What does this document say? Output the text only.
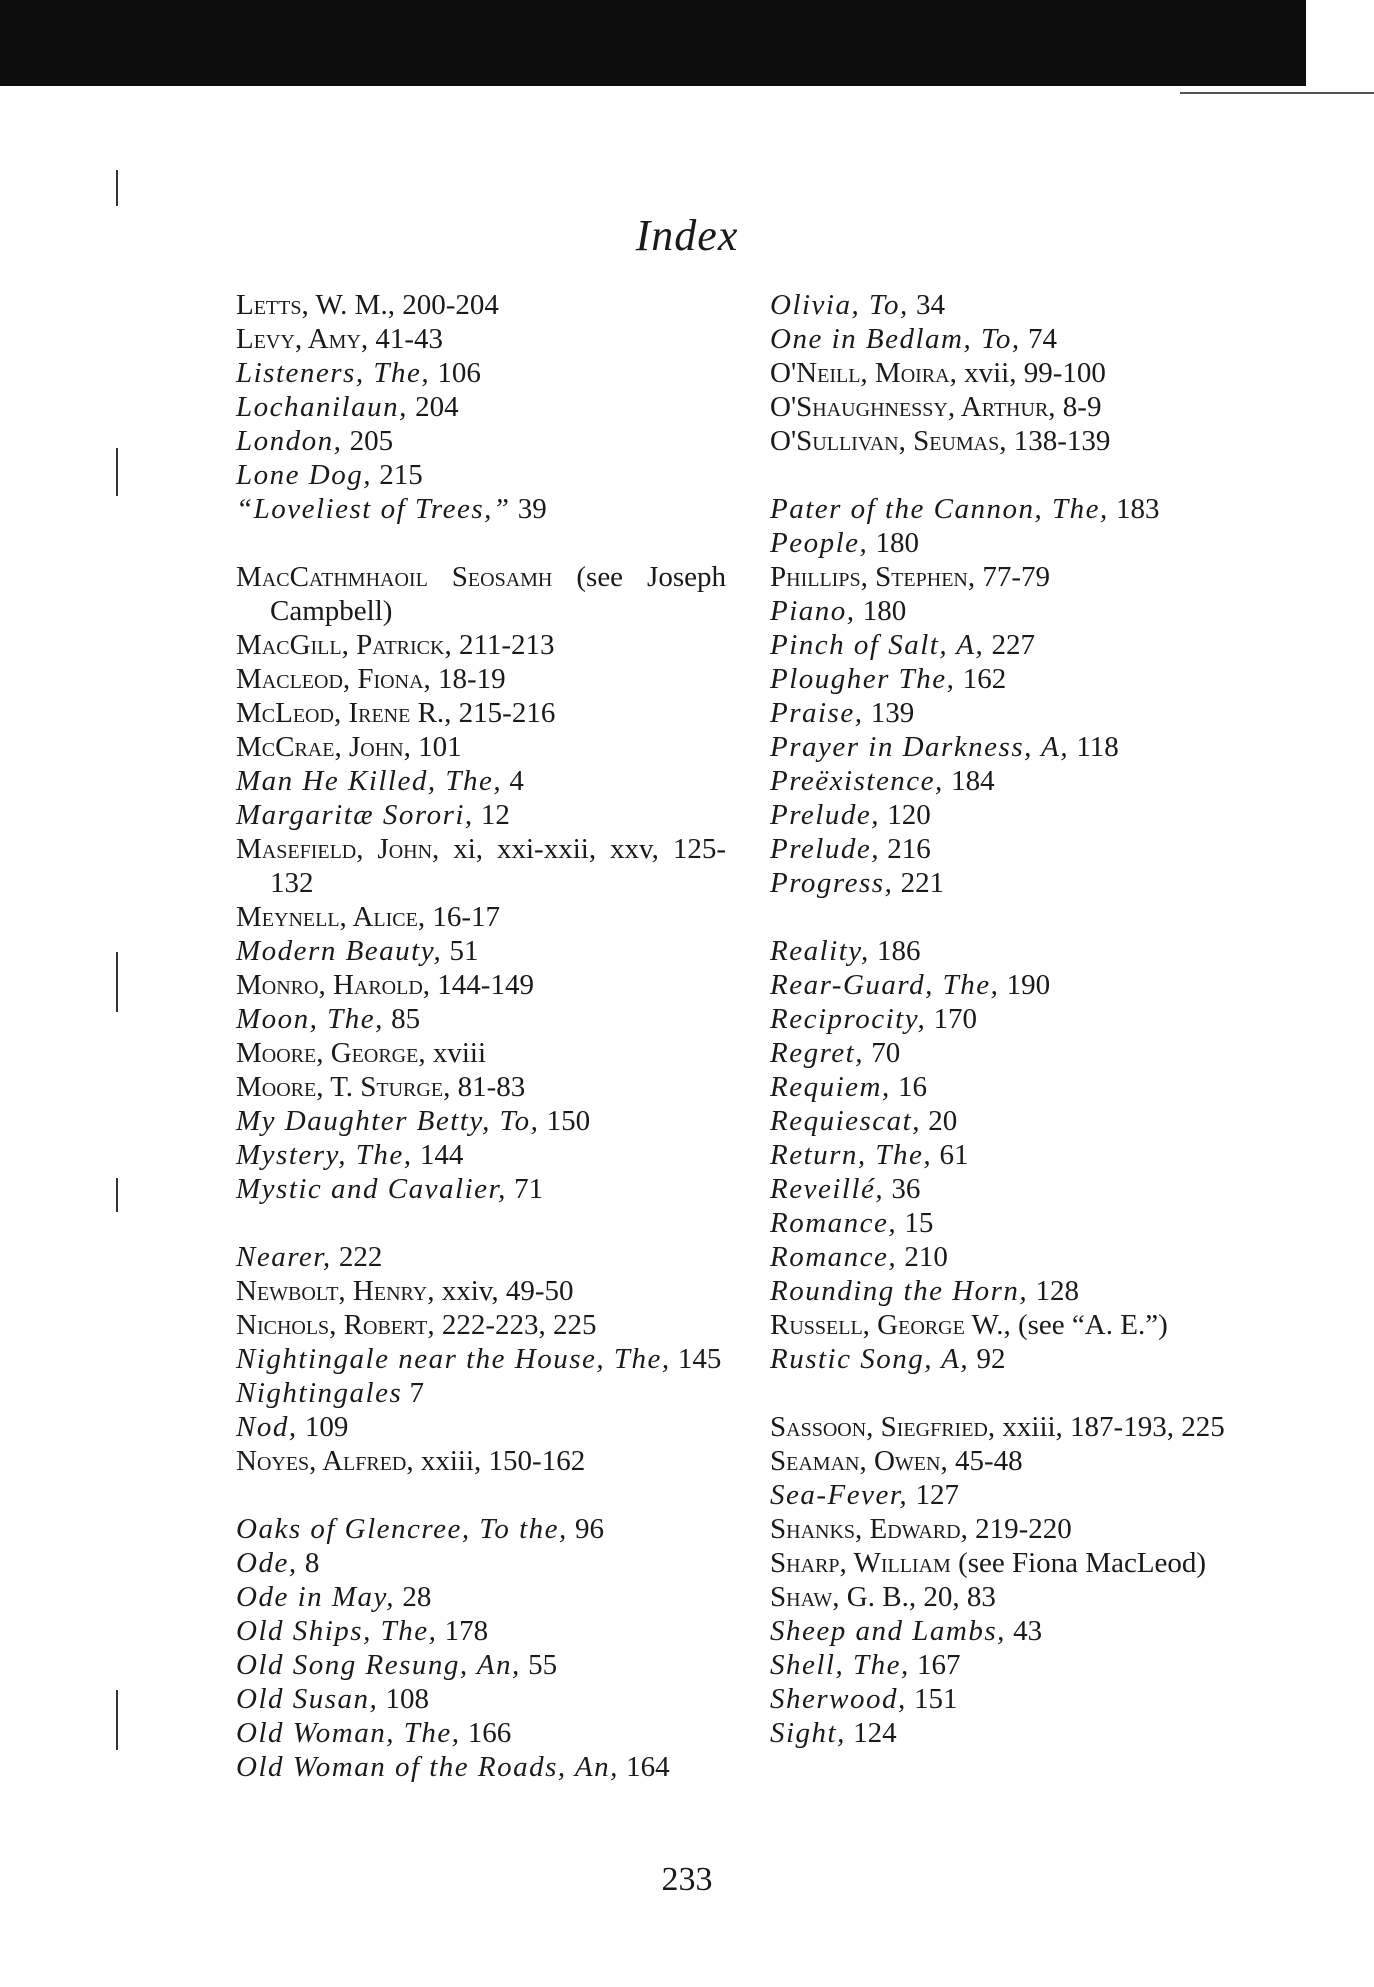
Index
Letts, W. M., 200-204
Levy, Amy, 41-43
Listeners, The, 106
Lochanilaun, 204
London, 205
Lone Dog, 215
“Loveliest of Trees,” 39
MacCathmhaoil Seosamh (see Joseph Campbell)
MacGill, Patrick, 211-213
Macleod, Fiona, 18-19
McLeod, Irene R., 215-216
McCrae, John, 101
Man He Killed, The, 4
Margaritæ Sorori, 12
Masefield, John, xi, xxi-xxii, xxv, 125-132
Meynell, Alice, 16-17
Modern Beauty, 51
Monro, Harold, 144-149
Moon, The, 85
Moore, George, xviii
Moore, T. Sturge, 81-83
My Daughter Betty, To, 150
Mystery, The, 144
Mystic and Cavalier, 71
Nearer, 222
Newbolt, Henry, xxiv, 49-50
Nichols, Robert, 222-223, 225
Nightingale near the House, The, 145
Nightingales 7
Nod, 109
Noyes, Alfred, xxiii, 150-162
Oaks of Glencree, To the, 96
Ode, 8
Ode in May, 28
Old Ships, The, 178
Old Song Resung, An, 55
Old Susan, 108
Old Woman, The, 166
Old Woman of the Roads, An, 164
Olivia, To, 34
One in Bedlam, To, 74
O'Neill, Moira, xvii, 99-100
O'Shaughnessy, Arthur, 8-9
O'Sullivan, Seumas, 138-139
Pater of the Cannon, The, 183
People, 180
Phillips, Stephen, 77-79
Piano, 180
Pinch of Salt, A, 227
Plougher The, 162
Praise, 139
Prayer in Darkness, A, 118
Preëxistence, 184
Prelude, 120
Prelude, 216
Progress, 221
Reality, 186
Rear-Guard, The, 190
Reciprocity, 170
Regret, 70
Requiem, 16
Requiescat, 20
Return, The, 61
Reveillé, 36
Romance, 15
Romance, 210
Rounding the Horn, 128
Russell, George W., (see “A. E.”)
Rustic Song, A, 92
Sassoon, Siegfried, xxiii, 187-193, 225
Seaman, Owen, 45-48
Sea-Fever, 127
Shanks, Edward, 219-220
Sharp, William (see Fiona MacLeod)
Shaw, G. B., 20, 83
Sheep and Lambs, 43
Shell, The, 167
Sherwood, 151
Sight, 124
233
